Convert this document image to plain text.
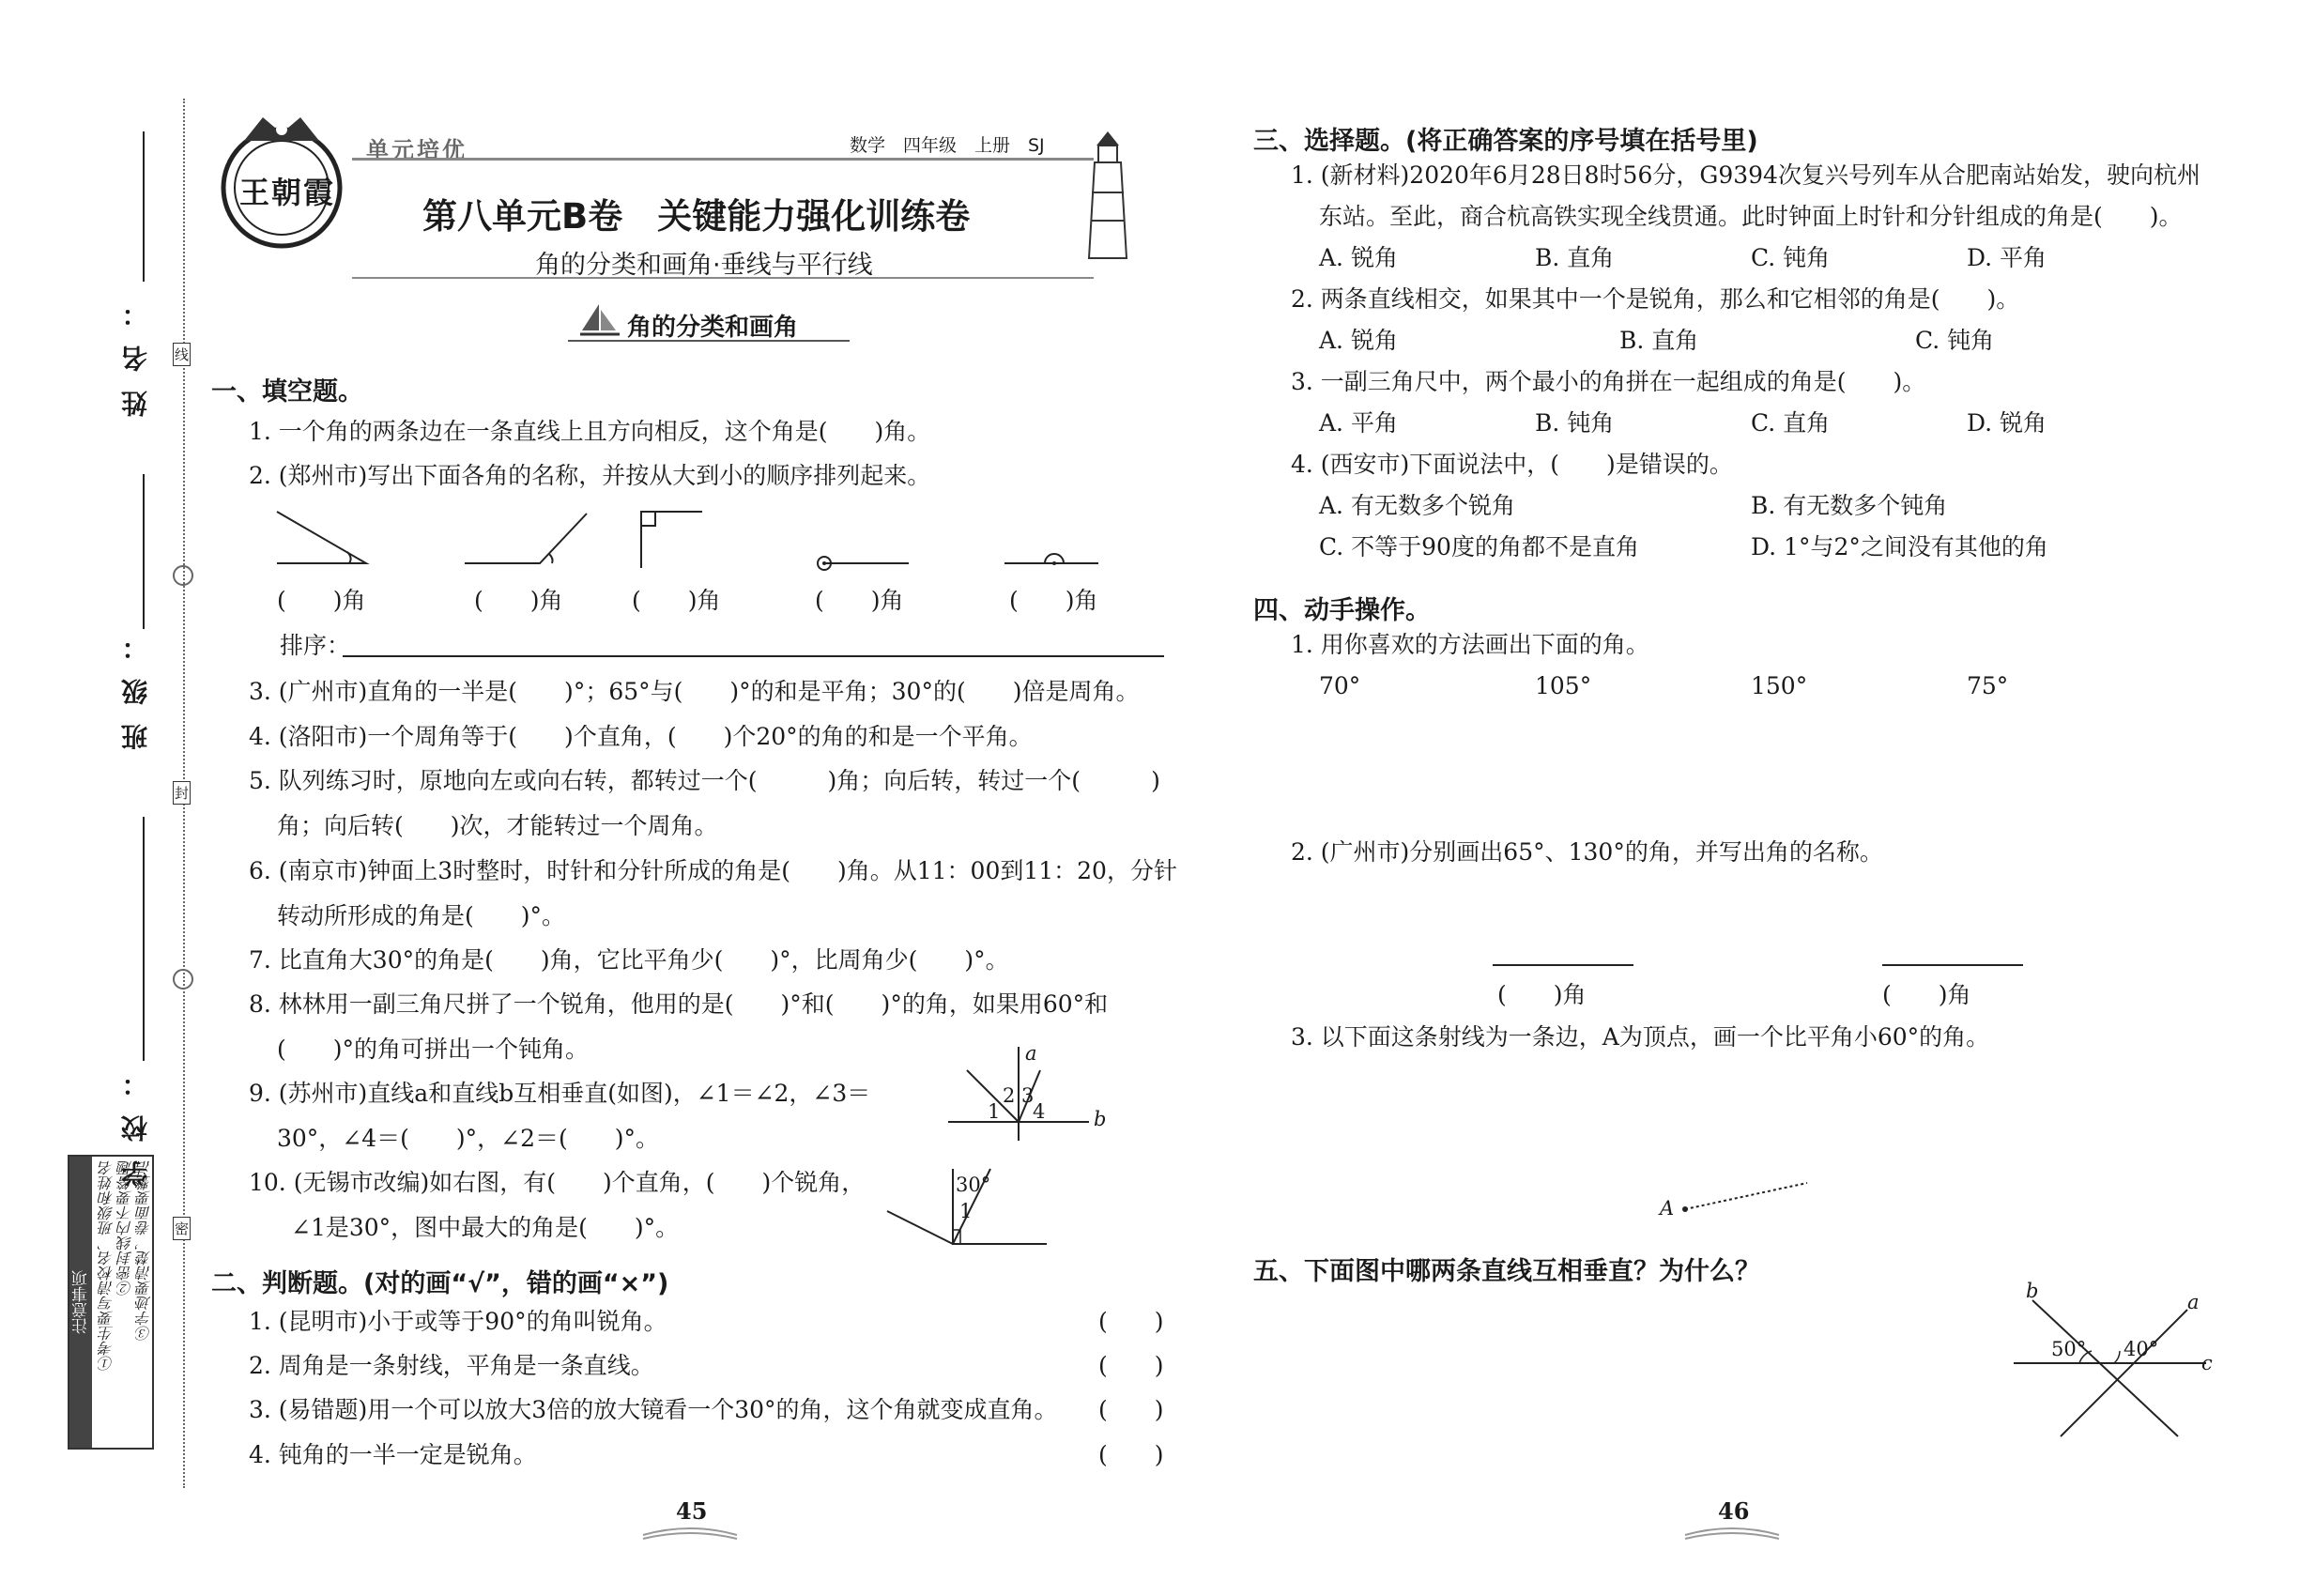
线
封
密
姓名：
班级：
学校：
注意事项 ①考生要写清校名、班级和姓名 ②密封线内不要答题 ③字迹要清楚，卷面要整洁
王朝霞
单元培优	数学　四年级　上册　SJ
第八单元B卷　关键能力强化训练卷
角的分类和画角·垂线与平行线
角的分类和画角
一、填空题。
1. 一个角的两条边在一条直线上且方向相反，这个角是(　　)角。
2. (郑州市)写出下面各角的名称，并按从大到小的顺序排列起来。
(　　)角	(　　)角	(　　)角	(　　)角	(　　)角
排序：
3. (广州市)直角的一半是(　　)°；65°与(　　)°的和是平角；30°的(　　)倍是周角。
4. (洛阳市)一个周角等于(　　)个直角，(　　)个20°的角的和是一个平角。
5. 队列练习时，原地向左或向右转，都转过一个(　　　)角；向后转，转过一个(　　　)
角；向后转(　　)次，才能转过一个周角。
6. (南京市)钟面上3时整时，时针和分针所成的角是(　　)角。从11：00到11：20，分针
转动所形成的角是(　　)°。
7. 比直角大30°的角是(　　)角，它比平角少(　　)°，比周角少(　　)°。
8. 林林用一副三角尺拼了一个锐角，他用的是(　　)°和(　　)°的角，如果用60°和
(　　)°的角可拼出一个钝角。
9. (苏州市)直线a和直线b互相垂直(如图)，∠1＝∠2，∠3＝
30°，∠4＝(　　)°，∠2＝(　　)°。
a
b
1
2 3
4
10. (无锡市改编)如右图，有(　　)个直角，(　　)个锐角，
∠1是30°，图中最大的角是(　　)°。
30°
1
二、判断题。(对的画“√”，错的画“×”)
1. (昆明市)小于或等于90°的角叫锐角。	(　　)
2. 周角是一条射线，平角是一条直线。	(　　)
3. (易错题)用一个可以放大3倍的放大镜看一个30°的角，这个角就变成直角。 (　　)
4. 钝角的一半一定是锐角。	(　　)
45
三、选择题。(将正确答案的序号填在括号里)
1. (新材料)2020年6月28日8时56分，G9394次复兴号列车从合肥南站始发，驶向杭州
东站。至此，商合杭高铁实现全线贯通。此时钟面上时针和分针组成的角是(　　)。
A. 锐角	B. 直角	C. 钝角	D. 平角
2. 两条直线相交，如果其中一个是锐角，那么和它相邻的角是(　　)。
A. 锐角	B. 直角	C. 钝角
3. 一副三角尺中，两个最小的角拼在一起组成的角是(　　)。
A. 平角	B. 钝角	C. 直角	D. 锐角
4. (西安市)下面说法中，(　　)是错误的。
A. 有无数多个锐角	B. 有无数多个钝角
C. 不等于90度的角都不是直角	D. 1°与2°之间没有其他的角
四、动手操作。
1. 用你喜欢的方法画出下面的角。
70°	105°	150°	75°
2. (广州市)分别画出65°、130°的角，并写出角的名称。
(　　)角	(　　)角
3. 以下面这条射线为一条边，A为顶点，画一个比平角小60°的角。
A
五、下面图中哪两条直线互相垂直？为什么？
b	a
c
50° 40°
46
